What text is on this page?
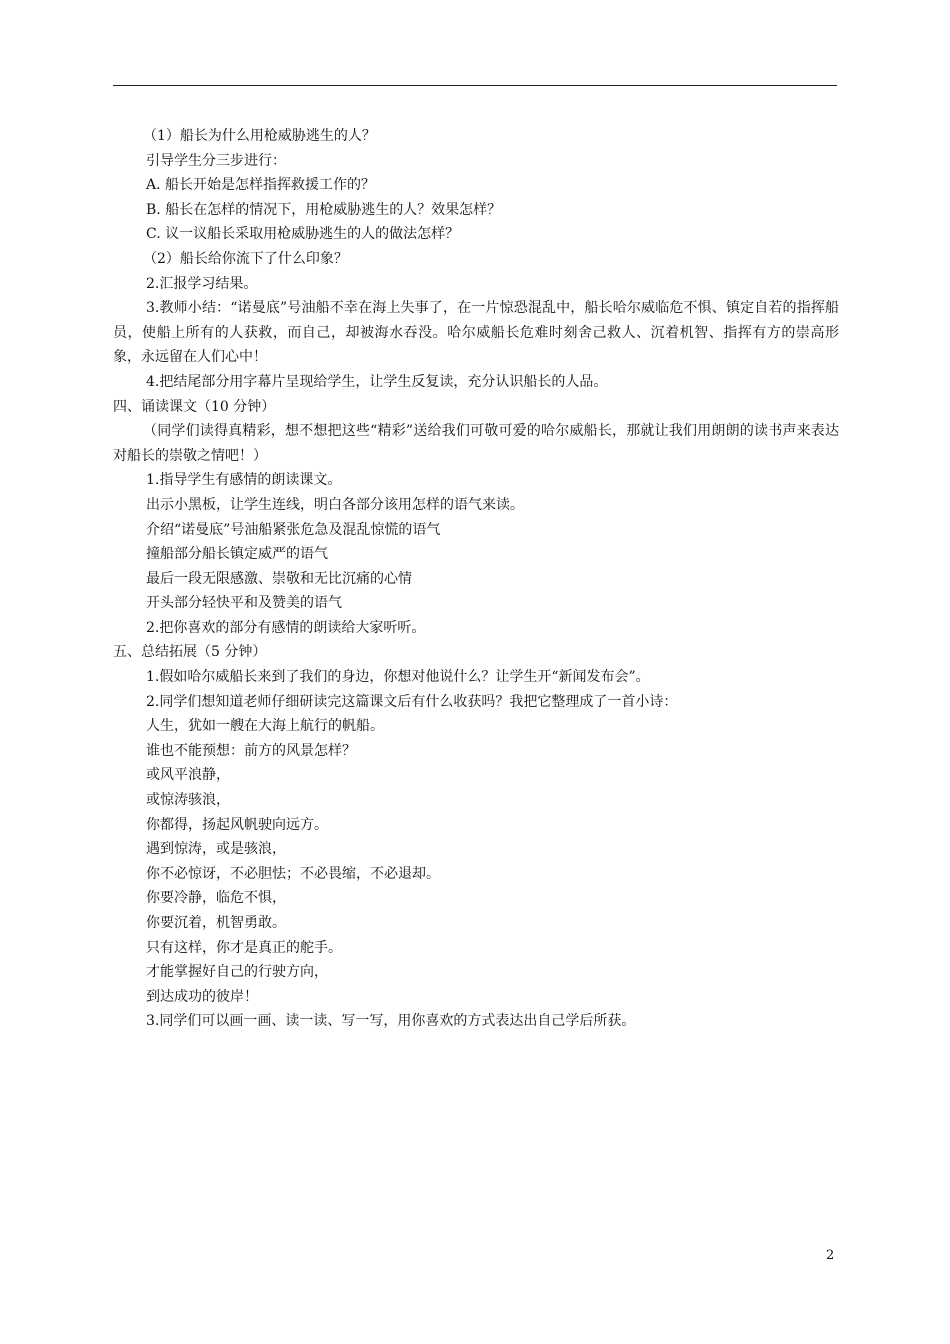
（1）船长为什么用枪威胁逃生的人？
引导学生分三步进行：
A. 船长开始是怎样指挥救援工作的？
B. 船长在怎样的情况下，用枪威胁逃生的人？效果怎样？
C. 议一议船长采取用枪威胁逃生的人的做法怎样？
（2）船长给你流下了什么印象？
2.汇报学习结果。
3.教师小结：“诺曼底”号油船不幸在海上失事了，在一片惊恐混乱中，船长哈尔威临危不惧、镇定自若的指挥船员，使船上所有的人获救，而自己，却被海水吞没。哈尔威船长危难时刻舍己救人、沉着机智、指挥有方的崇高形象，永远留在人们心中！
4.把结尾部分用字幕片呈现给学生，让学生反复读，充分认识船长的人品。
四、诵读课文（10 分钟）
（同学们读得真精彩，想不想把这些“精彩”送给我们可敬可爱的哈尔威船长，那就让我们用朗朗的读书声来表达对船长的崇敬之情吧！）
1.指导学生有感情的朗读课文。
出示小黑板，让学生连线，明白各部分该用怎样的语气来读。
介绍“诺曼底”号油船紧张危急及混乱惊慌的语气
撞船部分船长镇定威严的语气
最后一段无限感激、崇敬和无比沉痛的心情
开头部分轻快平和及赞美的语气
2.把你喜欢的部分有感情的朗读给大家听听。
五、总结拓展（5 分钟）
1.假如哈尔威船长来到了我们的身边，你想对他说什么？让学生开“新闻发布会”。
2.同学们想知道老师仔细研读完这篇课文后有什么收获吗？我把它整理成了一首小诗：
人生，犹如一艘在大海上航行的帆船。
谁也不能预想：前方的风景怎样？
或风平浪静，
或惊涛骇浪，
你都得，扬起风帆驶向远方。
遇到惊涛，或是骇浪，
你不必惊讶，不必胆怯；不必畏缩，不必退却。
你要冷静，临危不惧，
你要沉着，机智勇敢。
只有这样，你才是真正的舵手。
才能掌握好自己的行驶方向，
到达成功的彼岸！
3.同学们可以画一画、读一读、写一写，用你喜欢的方式表达出自己学后所获。
2
